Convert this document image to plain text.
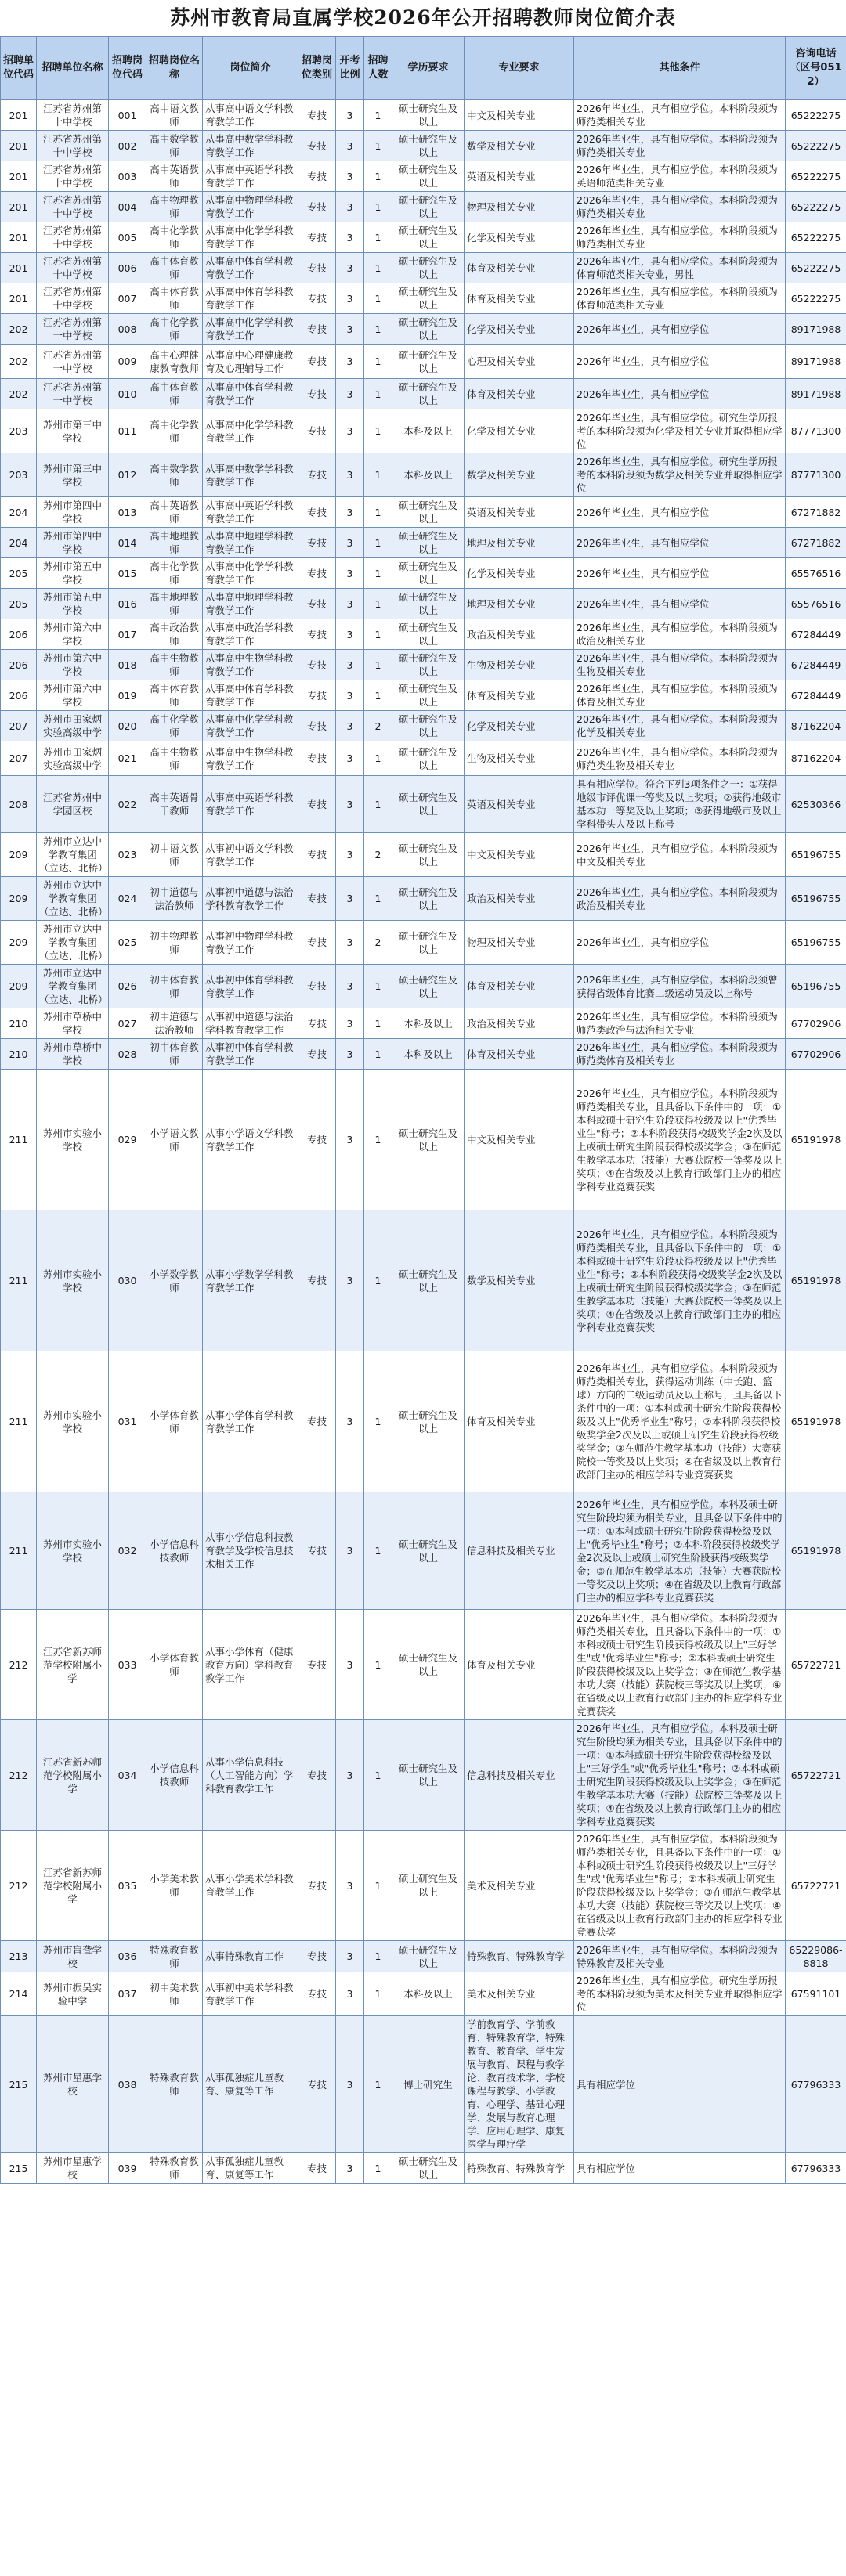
苏州市教育局直属学校2026年公开招聘教师岗位简介表
招聘单位代码	招聘单位名称	招聘岗位代码	招聘岗位名称	岗位简介	招聘岗位类别	开考比例	招聘人数	学历要求	专业要求	其他条件	咨询电话（区号0512）
201	江苏省苏州第十中学校	001	高中语文教师	从事高中语文学科教育教学工作	专技	3	1	硕士研究生及以上	中文及相关专业	2026年毕业生，具有相应学位。本科阶段须为师范类相关专业	65222275
201	江苏省苏州第十中学校	002	高中数学教师	从事高中数学学科教育教学工作	专技	3	1	硕士研究生及以上	数学及相关专业	2026年毕业生，具有相应学位。本科阶段须为师范类相关专业	65222275
201	江苏省苏州第十中学校	003	高中英语教师	从事高中英语学科教育教学工作	专技	3	1	硕士研究生及以上	英语及相关专业	2026年毕业生，具有相应学位。本科阶段须为英语师范类相关专业	65222275
201	江苏省苏州第十中学校	004	高中物理教师	从事高中物理学科教育教学工作	专技	3	1	硕士研究生及以上	物理及相关专业	2026年毕业生，具有相应学位。本科阶段须为师范类相关专业	65222275
201	江苏省苏州第十中学校	005	高中化学教师	从事高中化学学科教育教学工作	专技	3	1	硕士研究生及以上	化学及相关专业	2026年毕业生，具有相应学位。本科阶段须为师范类相关专业	65222275
201	江苏省苏州第十中学校	006	高中体育教师	从事高中体育学科教育教学工作	专技	3	1	硕士研究生及以上	体育及相关专业	2026年毕业生，具有相应学位。本科阶段须为体育师范类相关专业，男性	65222275
201	江苏省苏州第十中学校	007	高中体育教师	从事高中体育学科教育教学工作	专技	3	1	硕士研究生及以上	体育及相关专业	2026年毕业生，具有相应学位。本科阶段须为体育师范类相关专业	65222275
202	江苏省苏州第一中学校	008	高中化学教师	从事高中化学学科教育教学工作	专技	3	1	硕士研究生及以上	化学及相关专业	2026年毕业生，具有相应学位	89171988
202	江苏省苏州第一中学校	009	高中心理健康教育教师	从事高中心理健康教育及心理辅导工作	专技	3	1	硕士研究生及以上	心理及相关专业	2026年毕业生，具有相应学位	89171988
202	江苏省苏州第一中学校	010	高中体育教师	从事高中体育学科教育教学工作	专技	3	1	硕士研究生及以上	体育及相关专业	2026年毕业生，具有相应学位	89171988
203	苏州市第三中学校	011	高中化学教师	从事高中化学学科教育教学工作	专技	3	1	本科及以上	化学及相关专业	2026年毕业生，具有相应学位。研究生学历报考的本科阶段须为化学及相关专业并取得相应学位	87771300
203	苏州市第三中学校	012	高中数学教师	从事高中数学学科教育教学工作	专技	3	1	本科及以上	数学及相关专业	2026年毕业生，具有相应学位。研究生学历报考的本科阶段须为数学及相关专业并取得相应学位	87771300
204	苏州市第四中学校	013	高中英语教师	从事高中英语学科教育教学工作	专技	3	1	硕士研究生及以上	英语及相关专业	2026年毕业生，具有相应学位	67271882
204	苏州市第四中学校	014	高中地理教师	从事高中地理学科教育教学工作	专技	3	1	硕士研究生及以上	地理及相关专业	2026年毕业生，具有相应学位	67271882
205	苏州市第五中学校	015	高中化学教师	从事高中化学学科教育教学工作	专技	3	1	硕士研究生及以上	化学及相关专业	2026年毕业生，具有相应学位	65576516
205	苏州市第五中学校	016	高中地理教师	从事高中地理学科教育教学工作	专技	3	1	硕士研究生及以上	地理及相关专业	2026年毕业生，具有相应学位	65576516
206	苏州市第六中学校	017	高中政治教师	从事高中政治学科教育教学工作	专技	3	1	硕士研究生及以上	政治及相关专业	2026年毕业生，具有相应学位。本科阶段须为政治及相关专业	67284449
206	苏州市第六中学校	018	高中生物教师	从事高中生物学科教育教学工作	专技	3	1	硕士研究生及以上	生物及相关专业	2026年毕业生，具有相应学位。本科阶段须为生物及相关专业	67284449
206	苏州市第六中学校	019	高中体育教师	从事高中体育学科教育教学工作	专技	3	1	硕士研究生及以上	体育及相关专业	2026年毕业生，具有相应学位。本科阶段须为体育及相关专业	67284449
207	苏州市田家炳实验高级中学	020	高中化学教师	从事高中化学学科教育教学工作	专技	3	2	硕士研究生及以上	化学及相关专业	2026年毕业生，具有相应学位。本科阶段须为化学及相关专业	87162204
207	苏州市田家炳实验高级中学	021	高中生物教师	从事高中生物学科教育教学工作	专技	3	1	硕士研究生及以上	生物及相关专业	2026年毕业生，具有相应学位。本科阶段须为师范类生物及相关专业	87162204
208	江苏省苏州中学园区校	022	高中英语骨干教师	从事高中英语学科教育教学工作	专技	3	1	硕士研究生及以上	英语及相关专业	具有相应学位。符合下列3项条件之一：①获得地级市评优课一等奖及以上奖项；②获得地级市基本功一等奖及以上奖项；③获得地级市及以上学科带头人及以上称号	62530366
209	苏州市立达中学教育集团（立达、北桥）	023	初中语文教师	从事初中语文学科教育教学工作	专技	3	2	硕士研究生及以上	中文及相关专业	2026年毕业生，具有相应学位。本科阶段须为中文及相关专业	65196755
209	苏州市立达中学教育集团（立达、北桥）	024	初中道德与法治教师	从事初中道德与法治学科教育教学工作	专技	3	1	硕士研究生及以上	政治及相关专业	2026年毕业生，具有相应学位。本科阶段须为政治及相关专业	65196755
209	苏州市立达中学教育集团（立达、北桥）	025	初中物理教师	从事初中物理学科教育教学工作	专技	3	2	硕士研究生及以上	物理及相关专业	2026年毕业生，具有相应学位	65196755
209	苏州市立达中学教育集团（立达、北桥）	026	初中体育教师	从事初中体育学科教育教学工作	专技	3	1	硕士研究生及以上	体育及相关专业	2026年毕业生，具有相应学位。本科阶段须曾获得省级体育比赛二级运动员及以上称号	65196755
210	苏州市草桥中学校	027	初中道德与法治教师	从事初中道德与法治学科教育教学工作	专技	3	1	本科及以上	政治及相关专业	2026年毕业生，具有相应学位。本科阶段须为师范类政治与法治相关专业	67702906
210	苏州市草桥中学校	028	初中体育教师	从事初中体育学科教育教学工作	专技	3	1	本科及以上	体育及相关专业	2026年毕业生，具有相应学位。本科阶段须为师范类体育及相关专业	67702906
211	苏州市实验小学校	029	小学语文教师	从事小学语文学科教育教学工作	专技	3	1	硕士研究生及以上	中文及相关专业	2026年毕业生，具有相应学位。本科阶段须为师范类相关专业，且具备以下条件中的一项：①本科或硕士研究生阶段获得校级及以上"优秀毕业生"称号；②本科阶段获得校级奖学金2次及以上或硕士研究生阶段获得校级奖学金；③在师范生教学基本功（技能）大赛获院校一等奖及以上奖项；④在省级及以上教育行政部门主办的相应学科专业竞赛获奖	65191978
211	苏州市实验小学校	030	小学数学教师	从事小学数学学科教育教学工作	专技	3	1	硕士研究生及以上	数学及相关专业	2026年毕业生，具有相应学位。本科阶段须为师范类相关专业，且具备以下条件中的一项：①本科或硕士研究生阶段获得校级及以上"优秀毕业生"称号；②本科阶段获得校级奖学金2次及以上或硕士研究生阶段获得校级奖学金；③在师范生教学基本功（技能）大赛获院校一等奖及以上奖项；④在省级及以上教育行政部门主办的相应学科专业竞赛获奖	65191978
211	苏州市实验小学校	031	小学体育教师	从事小学体育学科教育教学工作	专技	3	1	硕士研究生及以上	体育及相关专业	2026年毕业生，具有相应学位。本科阶段须为师范类相关专业，获得运动训练（中长跑、篮球）方向的二级运动员及以上称号，且具备以下条件中的一项：①本科或硕士研究生阶段获得校级及以上"优秀毕业生"称号；②本科阶段获得校级奖学金2次及以上或硕士研究生阶段获得校级奖学金；③在师范生教学基本功（技能）大赛获院校一等奖及以上奖项；④在省级及以上教育行政部门主办的相应学科专业竞赛获奖	65191978
211	苏州市实验小学校	032	小学信息科技教师	从事小学信息科技教育教学及学校信息技术相关工作	专技	3	1	硕士研究生及以上	信息科技及相关专业	2026年毕业生，具有相应学位。本科及硕士研究生阶段均须为相关专业，且具备以下条件中的一项：①本科或硕士研究生阶段获得校级及以上"优秀毕业生"称号；②本科阶段获得校级奖学金2次及以上或硕士研究生阶段获得校级奖学金；③在师范生教学基本功（技能）大赛获院校一等奖及以上奖项；④在省级及以上教育行政部门主办的相应学科专业竞赛获奖	65191978
212	江苏省新苏师范学校附属小学	033	小学体育教师	从事小学体育（健康教育方向）学科教育教学工作	专技	3	1	硕士研究生及以上	体育及相关专业	2026年毕业生，具有相应学位。本科阶段须为师范类相关专业，且具备以下条件中的一项：①本科或硕士研究生阶段获得校级及以上"三好学生"或"优秀毕业生"称号；②本科或硕士研究生阶段获得校级及以上奖学金；③在师范生教学基本功大赛（技能）获院校三等奖及以上奖项；④在省级及以上教育行政部门主办的相应学科专业竞赛获奖	65722721
212	江苏省新苏师范学校附属小学	034	小学信息科技教师	从事小学信息科技（人工智能方向）学科教育教学工作	专技	3	1	硕士研究生及以上	信息科技及相关专业	2026年毕业生，具有相应学位。本科及硕士研究生阶段均须为相关专业，且具备以下条件中的一项：①本科或硕士研究生阶段获得校级及以上"三好学生"或"优秀毕业生"称号；②本科或硕士研究生阶段获得校级及以上奖学金；③在师范生教学基本功大赛（技能）获院校三等奖及以上奖项；④在省级及以上教育行政部门主办的相应学科专业竞赛获奖	65722721
212	江苏省新苏师范学校附属小学	035	小学美术教师	从事小学美术学科教育教学工作	专技	3	1	硕士研究生及以上	美术及相关专业	2026年毕业生，具有相应学位。本科阶段须为师范类相关专业，且具备以下条件中的一项：①本科或硕士研究生阶段获得校级及以上"三好学生"或"优秀毕业生"称号；②本科或硕士研究生阶段获得校级及以上奖学金；③在师范生教学基本功大赛（技能）获院校三等奖及以上奖项；④在省级及以上教育行政部门主办的相应学科专业竞赛获奖	65722721
213	苏州市盲聋学校	036	特殊教育教师	从事特殊教育工作	专技	3	1	硕士研究生及以上	特殊教育、特殊教育学	2026年毕业生，具有相应学位。本科阶段须为特殊教育及相关专业	65229086-8818
214	苏州市振吴实验中学	037	初中美术教师	从事初中美术学科教育教学工作	专技	3	1	本科及以上	美术及相关专业	2026年毕业生，具有相应学位。研究生学历报考的本科阶段须为美术及相关专业并取得相应学位	67591101
215	苏州市星惠学校	038	特殊教育教师	从事孤独症儿童教育、康复等工作	专技	3	1	博士研究生	学前教育学、学前教育、特殊教育学、特殊教育、教育学、学生发展与教育、课程与教学论、教育技术学、学校课程与教学、小学教育、心理学、基础心理学、发展与教育心理学、应用心理学、康复医学与理疗学	具有相应学位	67796333
215	苏州市星惠学校	039	特殊教育教师	从事孤独症儿童教育、康复等工作	专技	3	1	硕士研究生及以上	特殊教育、特殊教育学	具有相应学位	67796333
